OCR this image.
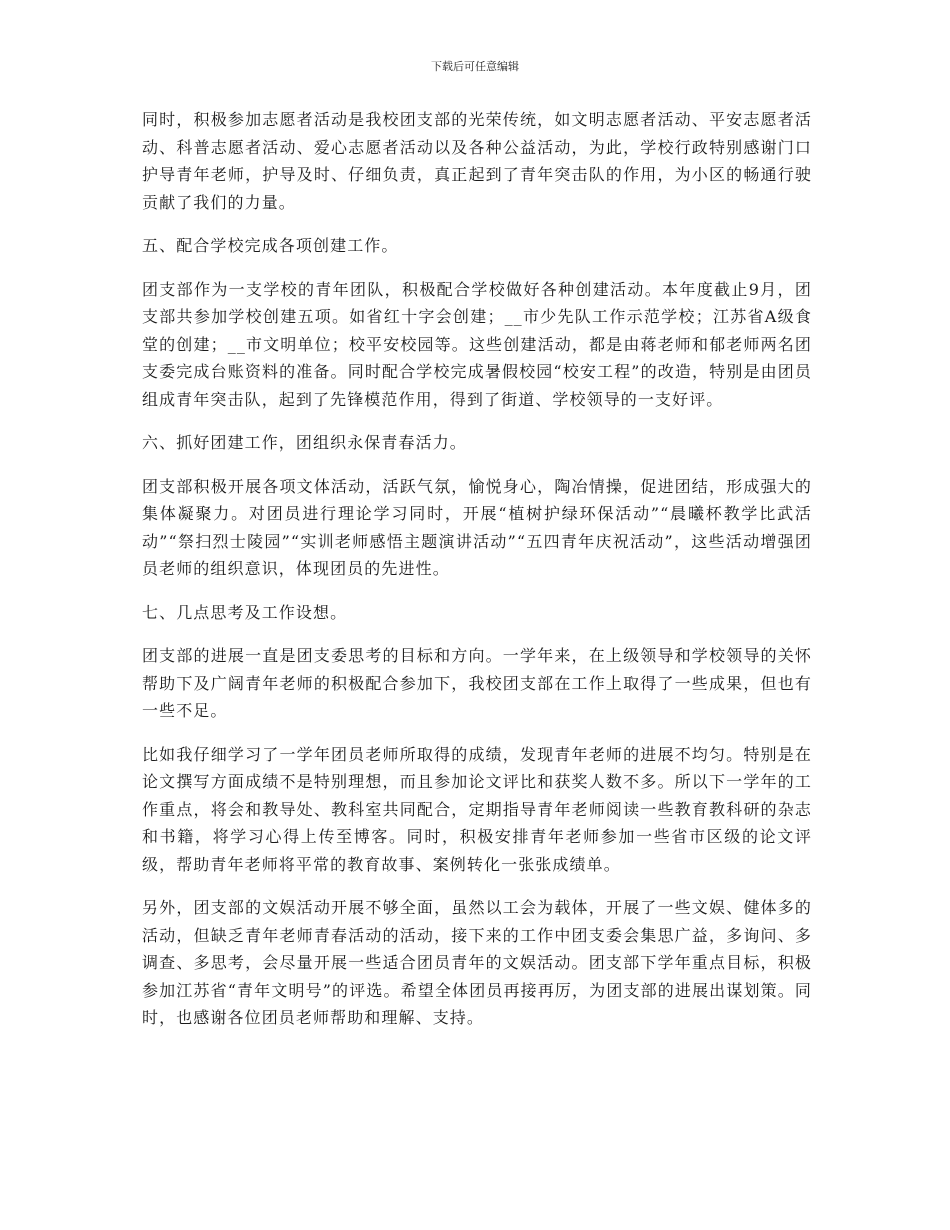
下载后可任意编辑

同时，积极参加志愿者活动是我校团支部的光荣传统，如文明志愿者活动、平安志愿者活动、科普志愿者活动、爱心志愿者活动以及各种公益活动，为此，学校行政特别感谢门口护导青年老师，护导及时、仔细负责，真正起到了青年突击队的作用，为小区的畅通行驶贡献了我们的力量。

五、配合学校完成各项创建工作。

团支部作为一支学校的青年团队，积极配合学校做好各种创建活动。本年度截止9月，团支部共参加学校创建五项。如省红十字会创建；__市少先队工作示范学校；江苏省A级食堂的创建；__市文明单位；校平安校园等。这些创建活动，都是由蒋老师和郁老师两名团支委完成台账资料的准备。同时配合学校完成暑假校园“校安工程”的改造，特别是由团员组成青年突击队，起到了先锋模范作用，得到了街道、学校领导的一支好评。

六、抓好团建工作，团组织永保青春活力。

团支部积极开展各项文体活动，活跃气氛，愉悦身心，陶冶情操，促进团结，形成强大的集体凝聚力。对团员进行理论学习同时，开展“植树护绿环保活动”“晨曦杯教学比武活动”“祭扫烈士陵园”“实训老师感悟主题演讲活动”“五四青年庆祝活动”，这些活动增强团员老师的组织意识，体现团员的先进性。

七、几点思考及工作设想。

团支部的进展一直是团支委思考的目标和方向。一学年来，在上级领导和学校领导的关怀帮助下及广阔青年老师的积极配合参加下，我校团支部在工作上取得了一些成果，但也有一些不足。

比如我仔细学习了一学年团员老师所取得的成绩，发现青年老师的进展不均匀。特别是在论文撰写方面成绩不是特别理想，而且参加论文评比和获奖人数不多。所以下一学年的工作重点，将会和教导处、教科室共同配合，定期指导青年老师阅读一些教育教科研的杂志和书籍，将学习心得上传至博客。同时，积极安排青年老师参加一些省市区级的论文评级，帮助青年老师将平常的教育故事、案例转化一张张成绩单。

另外，团支部的文娱活动开展不够全面，虽然以工会为载体，开展了一些文娱、健体多的活动，但缺乏青年老师青春活动的活动，接下来的工作中团支委会集思广益，多询问、多调查、多思考，会尽量开展一些适合团员青年的文娱活动。团支部下学年重点目标，积极参加江苏省“青年文明号”的评选。希望全体团员再接再厉，为团支部的进展出谋划策。同时，也感谢各位团员老师帮助和理解、支持。
